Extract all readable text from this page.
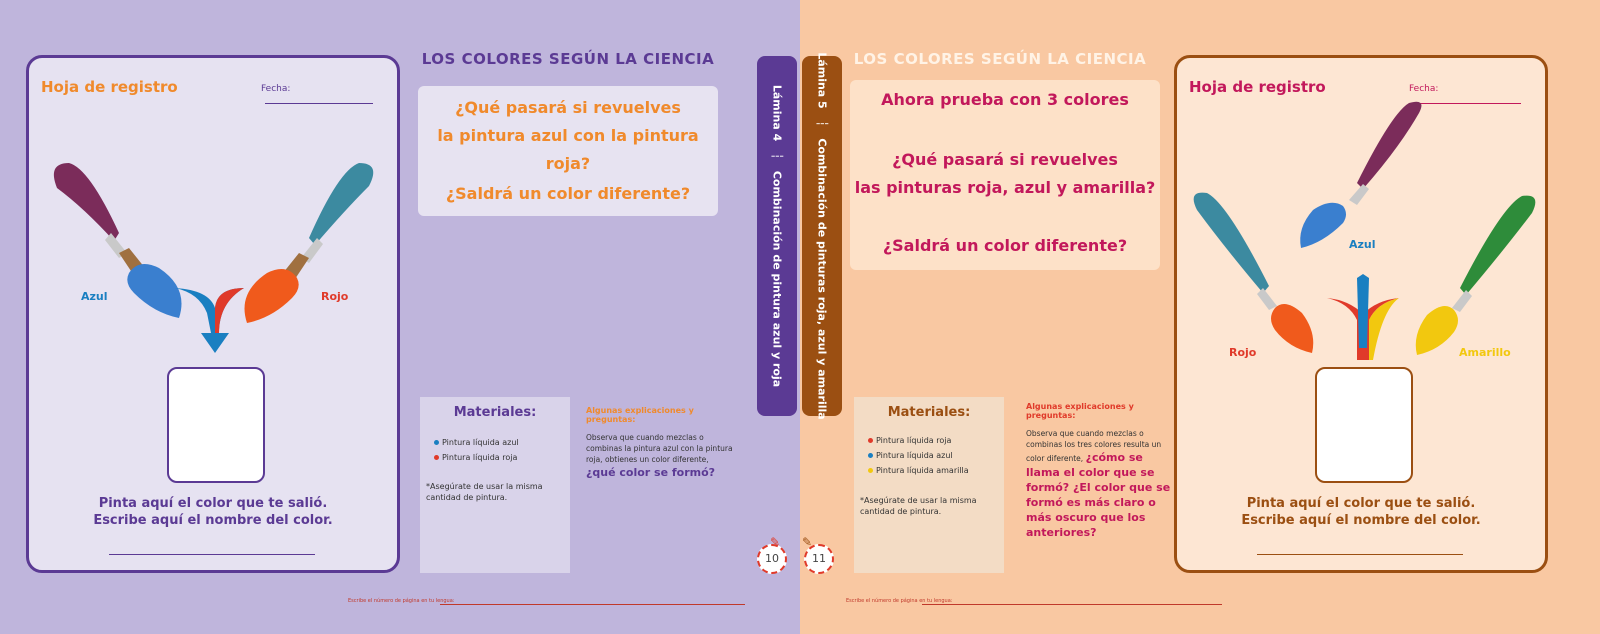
Hoja de registro	Fecha:
Azul	Rojo
Pinta aquí el color que te salió.
Escribe aquí el nombre del color.
LOS COLORES SEGÚN LA CIENCIA
¿Qué pasará si revuelves
la pintura azul con la pintura roja?
¿Saldrá un color diferente?
Materiales:
Pintura líquida azul
Pintura líquida roja
*Asegúrate de usar la misma cantidad de pintura.
Algunas explicaciones y preguntas:
Observa que cuando mezclas o combinas la pintura azul con la pintura roja, obtienes un color diferente, ¿qué color se formó?
Lámina 4   ┆   Combinación de pintura azul y roja
10
✎
Escribe el número de página en tu lengua:
Lámina 5   ┆   Combinación de pinturas roja, azul y amarilla
LOS COLORES SEGÚN LA CIENCIA
Ahora prueba con 3 colores
¿Qué pasará si revuelves
las pinturas roja, azul y amarilla?
¿Saldrá un color diferente?
Materiales:
Pintura líquida roja
Pintura líquida azul
Pintura líquida amarilla
*Asegúrate de usar la misma cantidad de pintura.
Algunas explicaciones y preguntas:
Observa que cuando mezclas o combinas los tres colores resulta un color diferente, ¿cómo se llama el color que se formó? ¿El color que se formó es más claro o más oscuro que los anteriores?
Hoja de registro	Fecha:
Azul
Rojo	Amarillo
Pinta aquí el color que te salió.
Escribe aquí el nombre del color.
11
✎
Escribe el número de página en tu lengua:
